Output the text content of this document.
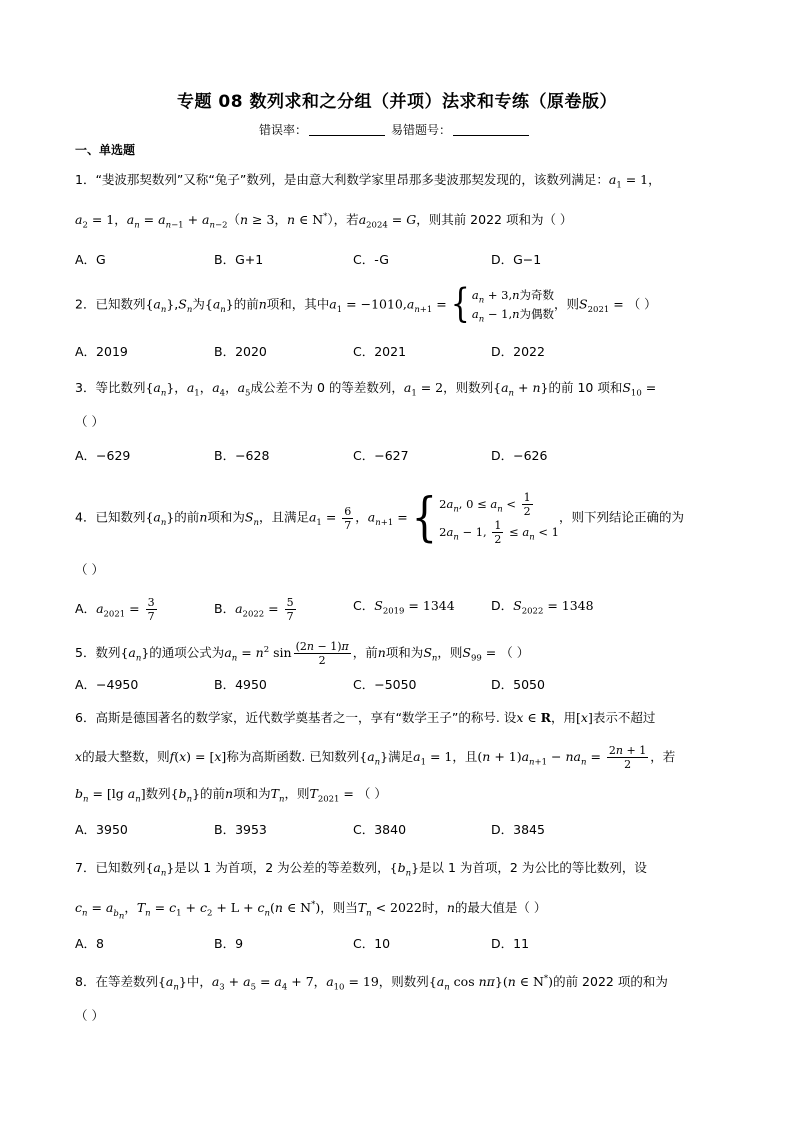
专题 08 数列求和之分组（并项）法求和专练（原卷版）
错误率：	易错题号：
一、单选题
1．“斐波那契数列”又称“兔子”数列，是由意大利数学家里昂那多斐波那契发现的，该数列满足：$a_1 = 1$，
$a_2 = 1$，$a_n = a_{n-1} + a_{n-2}(n \ge 3$，n ∈ N*），若$a_{2024} = G$，则其前 2022 项和为（ ）
A．G	B．G+1	C．-G	D．G−1
2．已知数列$\{a_n\},S_n$为$\{a_n\}$的前n项和，其中$a_1 = -1010,a_{n+1}$ = { $a_n + 3,n$为奇数
$a_n - 1,n$为偶数
，则$S_{2021}$ = （ ）
A．2019	B．2020	C．2021	D．2022
3．等比数列$\{a_n\}$，$a_1$，$a_4$，$a_5$成公差不为 0 的等差数列，$a_1 = 2$，则数列$\{a_n + n\}$的前 10 项和$S_{10}$ =
（ ）
A．−629	B．−628	C．−627	D．−626
4．已知数列$\{a_n\}$的前n项和为$S_n$，且满足$a_1 = \frac{6}{7}$ ，$a_{n+1}$ = { $2a_n$, $0 \le a_n < \frac{1}{2}$
$2a_n - 1$, $\frac{1}{2} \le a_n < 1$
，则下列结论正确的为
（ ）
A．$a_{2021} = \frac{3}{7}$	B．$a_{2022} = \frac{5}{7}$	C．$S_{2019} = 1344$	D．$S_{2022} = 1348$
5．数列$\{a_n\}$的通项公式为$a_n = n^2$ $\sin \frac{(2n - 1)\pi}{2}$ ，前n项和为$S_n$，则$S_{99}$ = （ ）
A．−4950	B．4950	C．−5050	D．5050
6．高斯是德国著名的数学家，近代数学奠基者之一，享有“数学王子”的称号. 设x ∈ R，用[x]表示不超过
x的最大整数，则f(x) = [x]称为高斯函数. 已知数列$\{a_n\}$满足$a_1 = 1$，且$(n + 1)a_{n+1} - na_n = \frac{2n + 1}{2}$ ，若
$b_n = [\lg$ $a_n$]数列$\{b_n\}$的前n项和为$T_n$，则$T_{2021}$ = （ ）
A．3950	B．3953	C．3840	D．3845
7．已知数列$\{a_n\}$是以 1 为首项，2 为公差的等差数列，$\{b_n\}$是以 1 为首项，2 为公比的等比数列，设
$c_n = a_{b_n}$，$T_n = c_1 + c_2 + L + c_n(n$ ∈ N*)，则当$T_n < 2022$时，n的最大值是（ ）
A．8	B．9	C．10	D．11
8．在等差数列$\{a_n\}$中，$a_3 + a_5 = a_4 + 7$，$a_{10} = 19$，则数列{$a_n$ cos nπ}(n ∈ N*)的前 2022 项的和为
（ ）
